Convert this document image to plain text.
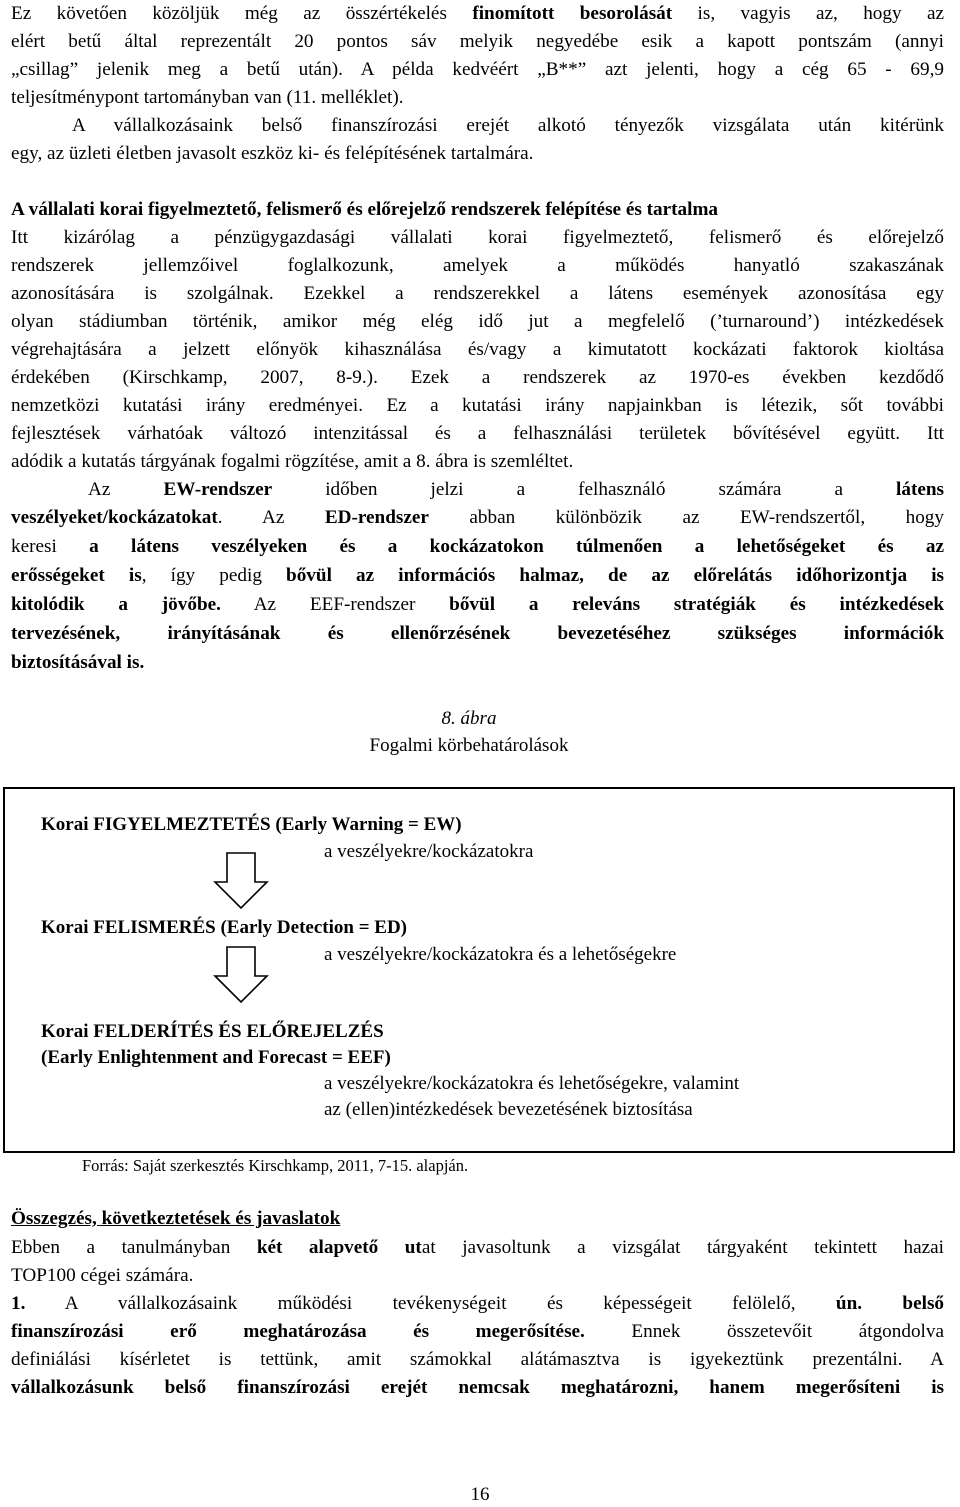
Ez követően közöljük még az összértékelés finomított besorolását is, vagyis az, hogy az
elért betű által reprezentált 20 pontos sáv melyik negyedébe esik a kapott pontszám (annyi
„csillag” jelenik meg a betű után). A példa kedvéért „B**” azt jelenti, hogy a cég 65 - 69,9
teljesítménypont tartományban van (11. melléklet).
A vállalkozásaink belső finanszírozási erejét alkotó tényezők vizsgálata után kitérünk
egy, az üzleti életben javasolt eszköz ki- és felépítésének tartalmára.
A vállalati korai figyelmeztető, felismerő és előrejelző rendszerek felépítése és tartalma
Itt kizárólag a pénzügygazdasági vállalati korai figyelmeztető, felismerő és előrejelző
rendszerek jellemzőivel foglalkozunk, amelyek a működés hanyatló szakaszának
azonosítására is szolgálnak. Ezekkel a rendszerekkel a látens események azonosítása egy
olyan stádiumban történik, amikor még elég idő jut a megfelelő (’turnaround’) intézkedések
végrehajtására a jelzett előnyök kihasználása és/vagy a kimutatott kockázati faktorok kioltása
érdekében (Kirschkamp, 2007, 8-9.). Ezek a rendszerek az 1970-es években kezdődő
nemzetközi kutatási irány eredményei. Ez a kutatási irány napjainkban is létezik, sőt további
fejlesztések várhatóak változó intenzitással és a felhasználási területek bővítésével együtt. Itt
adódik a kutatás tárgyának fogalmi rögzítése, amit a 8. ábra is szemléltet.
Az EW-rendszer időben jelzi a felhasználó számára a látens
veszélyeket/kockázatokat. Az ED-rendszer abban különbözik az EW-rendszertől, hogy
keresi a látens veszélyeken és a kockázatokon túlmenően a lehetőségeket és az
erősségeket is, így pedig bővül az információs halmaz, de az előrelátás időhorizontja is
kitolódik a jövőbe. Az EEF-rendszer bővül a releváns stratégiák és intézkedések
tervezésének, irányításának és ellenőrzésének bevezetéséhez szükséges információk
biztosításával is.
8. ábra
Fogalmi körbehatárolások
Korai FIGYELMEZTETÉS (Early Warning = EW)
a veszélyekre/kockázatokra
Korai FELISMERÉS (Early Detection = ED)
a veszélyekre/kockázatokra és a lehetőségekre
Korai FELDERÍTÉS ÉS ELŐREJELZÉS
(Early Enlightenment and Forecast = EEF)
a veszélyekre/kockázatokra és lehetőségekre, valamint
az (ellen)intézkedések bevezetésének biztosítása
Forrás: Saját szerkesztés Kirschkamp, 2011, 7-15. alapján.
Összegzés, következtetések és javaslatok
Ebben a tanulmányban két alapvető utat javasoltunk a vizsgálat tárgyaként tekintett hazai
TOP100 cégei számára.
1. A vállalkozásaink működési tevékenységeit és képességeit felölelő, ún. belső
finanszírozási erő meghatározása és megerősítése. Ennek összetevőit átgondolva
definiálási kísérletet is tettünk, amit számokkal alátámasztva is igyekeztünk prezentálni. A
vállalkozásunk belső finanszírozási erejét nemcsak meghatározni, hanem megerősíteni is
16
